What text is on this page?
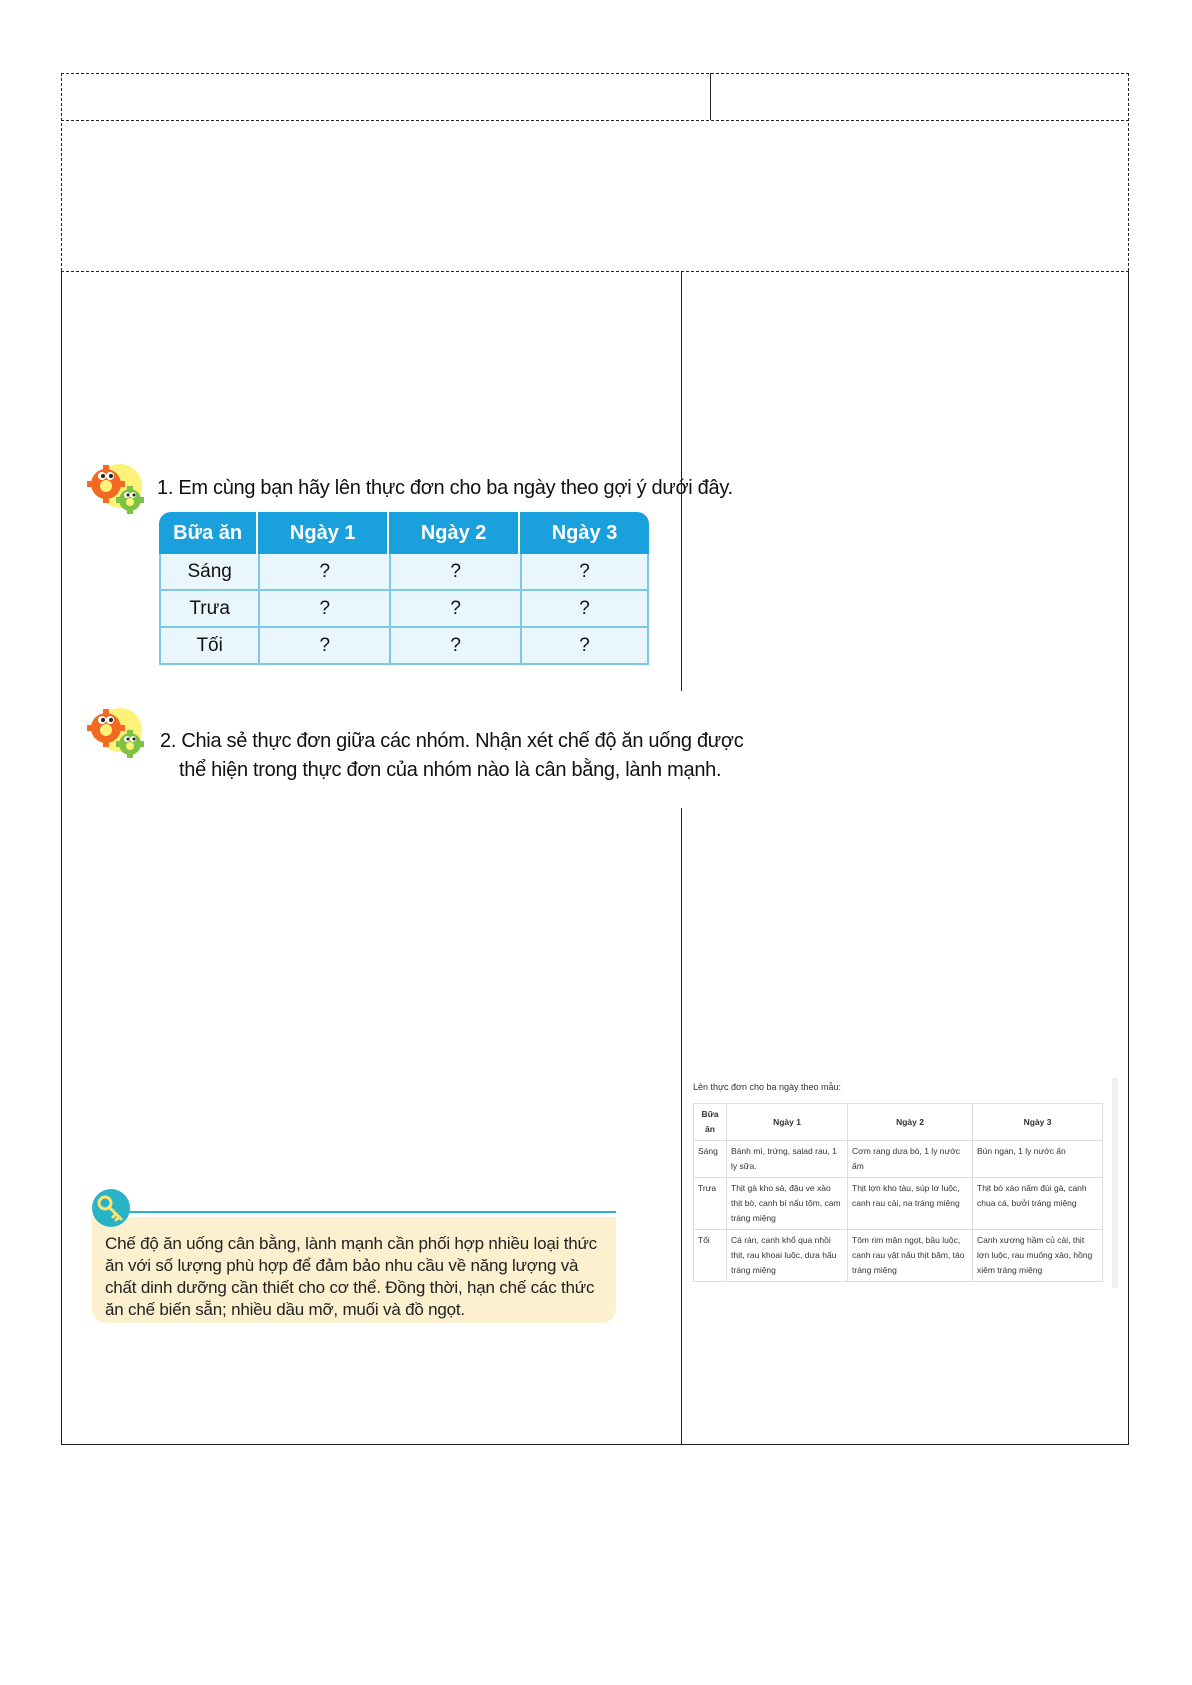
1. Em cùng bạn hãy lên thực đơn cho ba ngày theo gợi ý dưới đây.
Bữa ăn	Ngày 1	Ngày 2	Ngày 3
Sáng	?	?	?
Trưa	?	?	?
Tối	?	?	?
2. Chia sẻ thực đơn giữa các nhóm. Nhận xét chế độ ăn uống được
thể hiện trong thực đơn của nhóm nào là cân bằng, lành mạnh.
Chế độ ăn uống cân bằng, lành mạnh cần phối hợp nhiều loại thức ăn với số lượng phù hợp để đảm bảo nhu cầu về năng lượng và chất dinh dưỡng cần thiết cho cơ thể. Đồng thời, hạn chế các thức ăn chế biến sẵn; nhiều dầu mỡ, muối và đồ ngọt.
Lên thực đơn cho ba ngày theo mẫu:
Bữa ăn	Ngày 1	Ngày 2	Ngày 3
Sáng	Bánh mì, trứng, salad rau, 1 ly sữa.	Cơm rang dưa bò, 1 ly nước ấm	Bún ngan, 1 ly nước ấn
Trưa	Thịt gà kho sả, đậu ve xào thịt bò, canh bí nấu tôm, cam tráng miệng	Thịt lợn kho tàu, súp lơ luộc, canh rau cải, na tráng miệng	Thịt bò xào nấm đùi gà, canh chua cá, bưởi tráng miệng
Tối	Cá rán, canh khổ qua nhồi thịt, rau khoai luộc, dưa hấu tráng miệng	Tôm rim mặn ngọt, bầu luộc, canh rau vặt nấu thịt băm, táo tráng miệng	Canh xương hầm củ cải, thịt lợn luộc, rau muống xào, hồng xiêm tráng miệng
